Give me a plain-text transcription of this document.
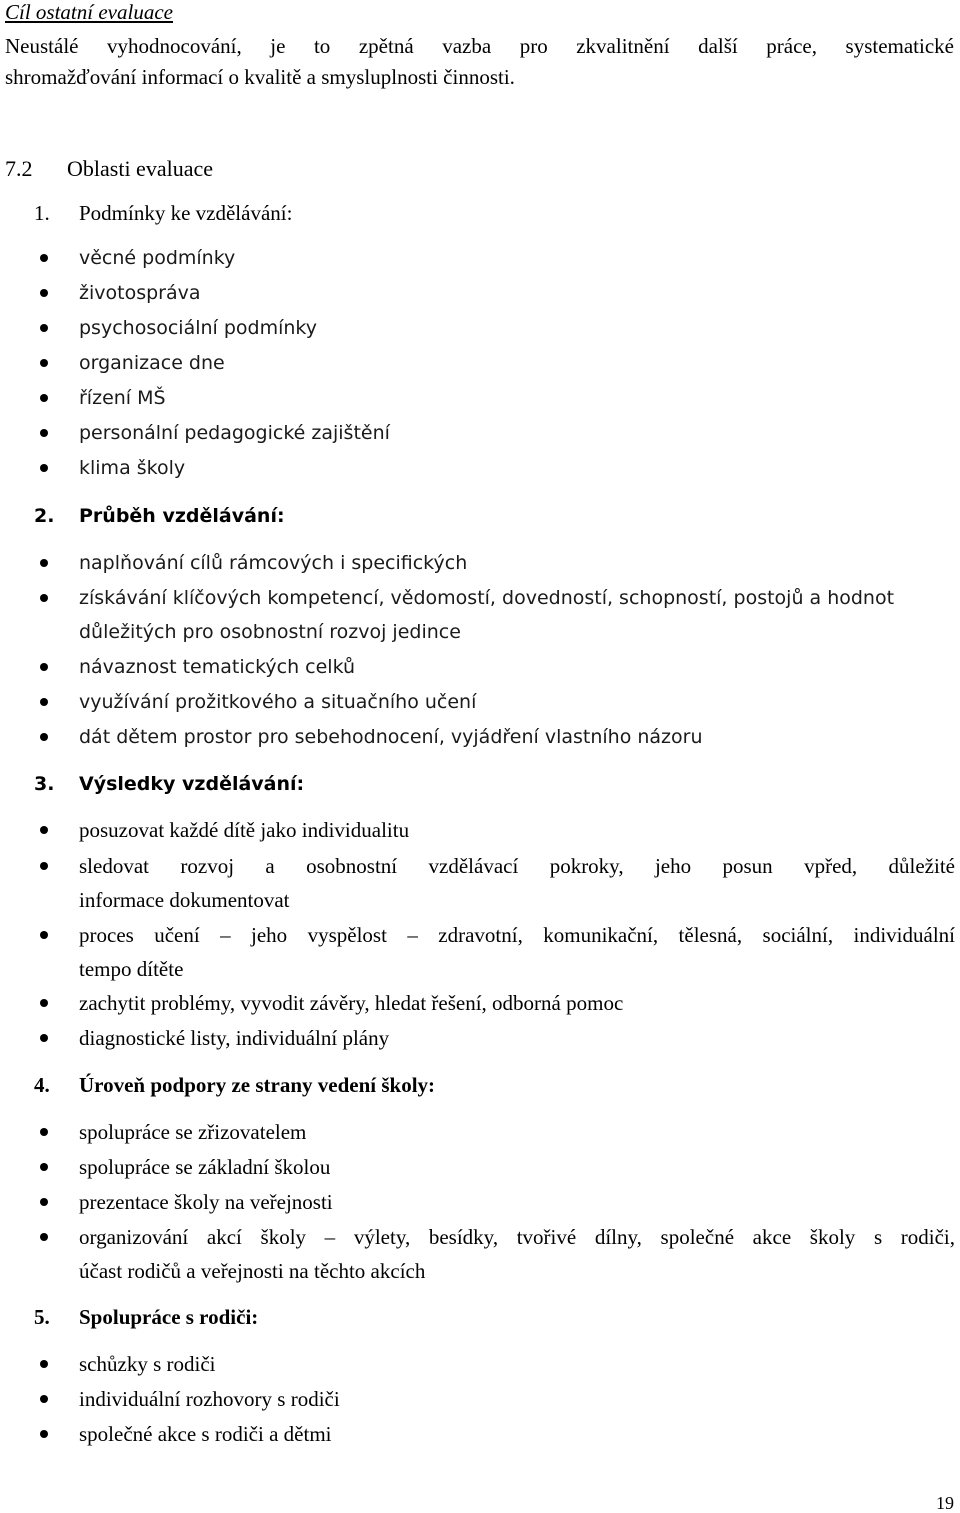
Cíl ostatní evaluace
Neustálé vyhodnocování, je to zpětná vazba pro zkvalitnění další práce, systematické
shromažďování informací o kvalitě a smysluplnosti činnosti.
7.2 Oblasti evaluace
1. Podmínky ke vzdělávání:
věcné podmínky
životospráva
psychosociální podmínky
organizace dne
řízení MŠ
personální pedagogické zajištění
klima školy
2. Průběh vzdělávání:
naplňování cílů rámcových i specifických
získávání klíčových kompetencí, vědomostí, dovedností, schopností, postojů a hodnot
důležitých pro osobnostní rozvoj jedince
návaznost tematických celků
využívání prožitkového a situačního učení
dát dětem prostor pro sebehodnocení, vyjádření vlastního názoru
3. Výsledky vzdělávání:
posuzovat každé dítě jako individualitu
sledovat rozvoj a osobnostní vzdělávací pokroky, jeho posun vpřed, důležité
informace dokumentovat
proces učení – jeho vyspělost – zdravotní, komunikační, tělesná, sociální, individuální
tempo dítěte
zachytit problémy, vyvodit závěry, hledat řešení, odborná pomoc
diagnostické listy, individuální plány
4. Úroveň podpory ze strany vedení školy:
spolupráce se zřizovatelem
spolupráce se základní školou
prezentace školy na veřejnosti
organizování akcí školy – výlety, besídky, tvořivé dílny, společné akce školy s rodiči,
účast rodičů a veřejnosti na těchto akcích
5. Spolupráce s rodiči:
schůzky s rodiči
individuální rozhovory s rodiči
společné akce s rodiči a dětmi
19
